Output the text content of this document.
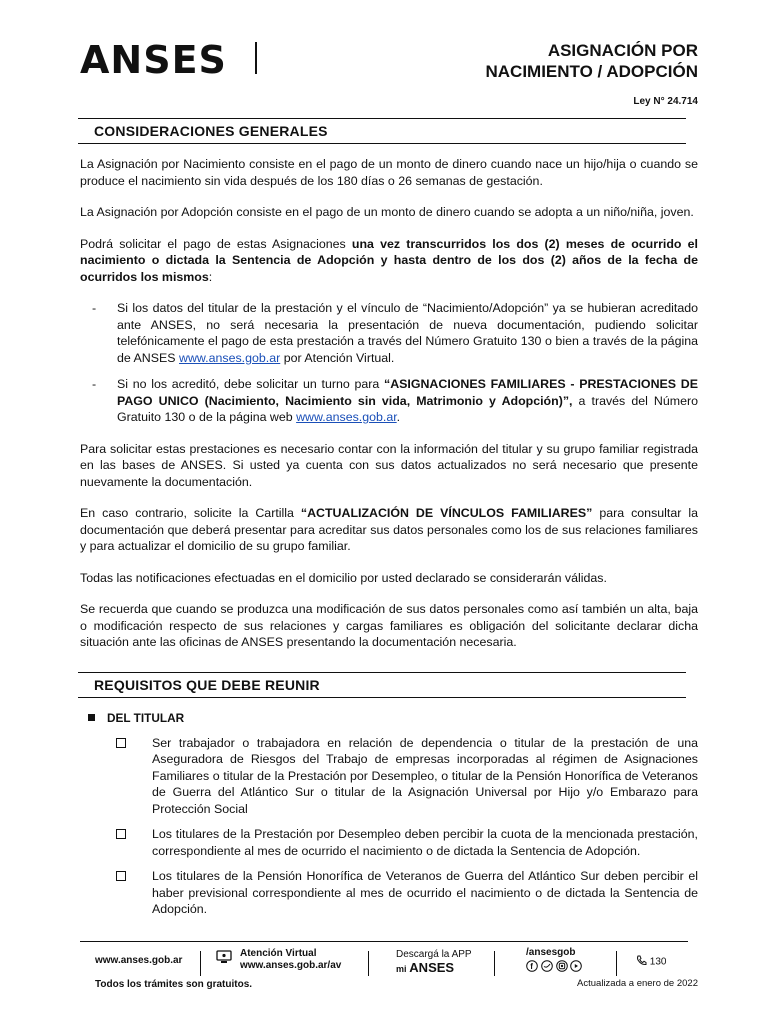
ANSES	ASIGNACIÓN POR
NACIMIENTO / ADOPCIÓN
Ley N° 24.714
CONSIDERACIONES GENERALES

La Asignación por Nacimiento consiste en el pago de un monto de dinero cuando nace un hijo/hija o cuando se produce el nacimiento sin vida después de los 180 días o 26 semanas de gestación.

La Asignación por Adopción consiste en el pago de un monto de dinero cuando se adopta a un niño/niña, joven.

Podrá solicitar el pago de estas Asignaciones una vez transcurridos los dos (2) meses de ocurrido el nacimiento o dictada la Sentencia de Adopción y hasta dentro de los dos (2) años de la fecha de ocurridos los mismos:

- Si los datos del titular de la prestación y el vínculo de “Nacimiento/Adopción” ya se hubieran acreditado ante ANSES, no será necesaria la presentación de nueva documentación, pudiendo solicitar telefónicamente el pago de esta prestación a través del Número Gratuito 130 o bien a través de la página de ANSES www.anses.gob.ar por Atención Virtual.
- Si no los acreditó, debe solicitar un turno para “ASIGNACIONES FAMILIARES - PRESTACIONES DE PAGO UNICO (Nacimiento, Nacimiento sin vida, Matrimonio y Adopción)”, a través del Número Gratuito 130 o de la página web www.anses.gob.ar.

Para solicitar estas prestaciones es necesario contar con la información del titular y su grupo familiar registrada en las bases de ANSES. Si usted ya cuenta con sus datos actualizados no será necesario que presente nuevamente la documentación.

En caso contrario, solicite la Cartilla “ACTUALIZACIÓN DE VÍNCULOS FAMILIARES” para consultar la documentación que deberá presentar para acreditar sus datos personales como los de sus relaciones familiares y para actualizar el domicilio de su grupo familiar.

Todas las notificaciones efectuadas en el domicilio por usted declarado se considerarán válidas.

Se recuerda que cuando se produzca una modificación de sus datos personales como así también un alta, baja o modificación respecto de sus relaciones y cargas familiares es obligación del solicitante declarar dicha situación ante las oficinas de ANSES presentando la documentación necesaria.

REQUISITOS QUE DEBE REUNIR
DEL TITULAR
Ser trabajador o trabajadora en relación de dependencia o titular de la prestación de una Aseguradora de Riesgos del Trabajo de empresas incorporadas al régimen de Asignaciones Familiares o titular de la Prestación por Desempleo, o titular de la Pensión Honorífica de Veteranos de Guerra del Atlántico Sur o titular de la Asignación Universal por Hijo y/o Embarazo para Protección Social
Los titulares de la Prestación por Desempleo deben percibir la cuota de la mencionada prestación, correspondiente al mes de ocurrido el nacimiento o de dictada la Sentencia de Adopción.
Los titulares de la Pensión Honorífica de Veteranos de Guerra del Atlántico Sur deben percibir el haber previsional correspondiente al mes de ocurrido el nacimiento o de dictada la Sentencia de Adopción.
www.anses.gob.ar
Atención Virtual
www.anses.gob.ar/av
Descargá la APP
mi ANSES
/ansesgob
f
	130
Todos los trámites son gratuitos.	Actualizada a enero de 2022
